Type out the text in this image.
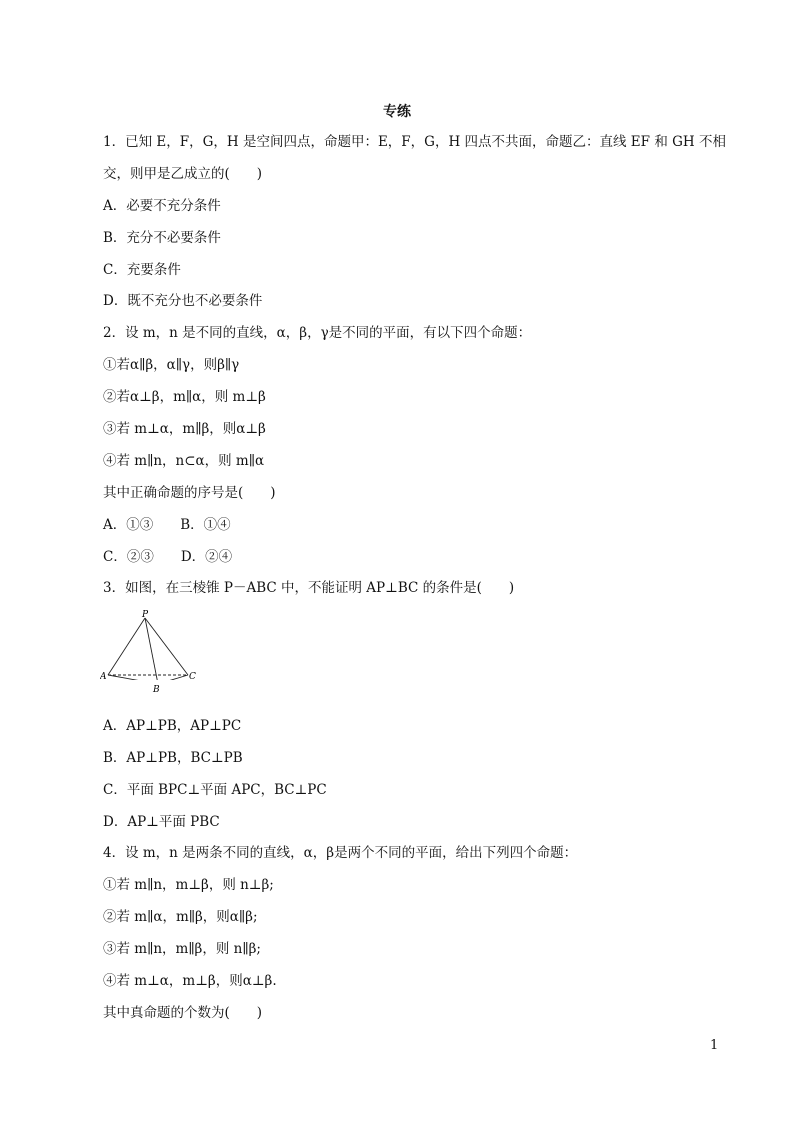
专练
1．已知 E，F，G，H 是空间四点，命题甲：E，F，G，H 四点不共面，命题乙：直线 EF 和 GH 不相
交，则甲是乙成立的(　　)
A．必要不充分条件
B．充分不必要条件
C．充要条件
D．既不充分也不必要条件
2．设 m，n 是不同的直线，α，β，γ是不同的平面，有以下四个命题：
①若α∥β，α∥γ，则β∥γ
②若α⊥β，m∥α，则 m⊥β
③若 m⊥α，m∥β，则α⊥β
④若 m∥n，n⊂α，则 m∥α
其中正确命题的序号是(　　)
A．①③　　B．①④
C．②③　　D．②④
3．如图，在三棱锥 P－ABC 中，不能证明 AP⊥BC 的条件是(　　)
P
A	C
B
A．AP⊥PB，AP⊥PC
B．AP⊥PB，BC⊥PB
C．平面 BPC⊥平面 APC，BC⊥PC
D．AP⊥平面 PBC
4．设 m，n 是两条不同的直线，α，β是两个不同的平面，给出下列四个命题：
①若 m∥n，m⊥β，则 n⊥β;
②若 m∥α，m∥β，则α∥β;
③若 m∥n，m∥β，则 n∥β;
④若 m⊥α，m⊥β，则α⊥β.
其中真命题的个数为(　　)
1
